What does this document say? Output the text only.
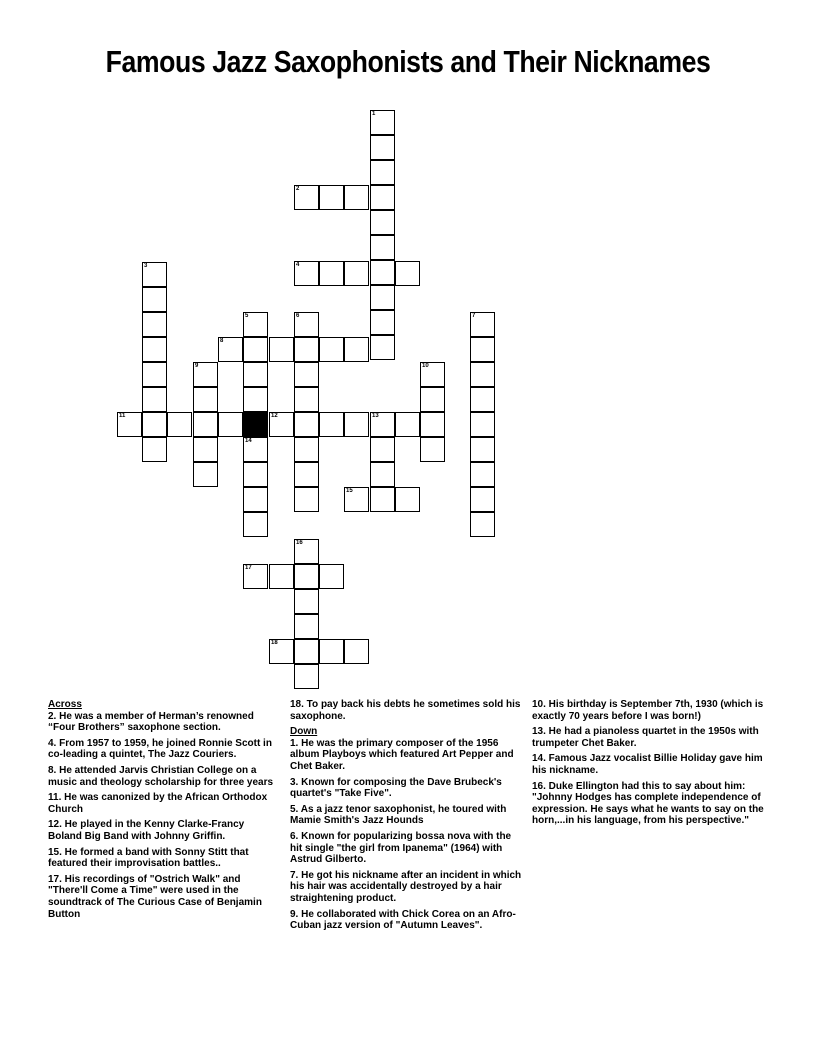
Famous Jazz Saxophonists and Their Nicknames
1
2
4
3
5	6	7
8
9	10
11	12	13
14
15
16
17
18
Across
2. He was a member of Herman’s renowned “Four Brothers” saxophone section.
4. From 1957 to 1959, he joined Ronnie Scott in co-leading a quintet, The Jazz Couriers.
8. He attended Jarvis Christian College on a music and theology scholarship for three years
11. He was canonized by the African Orthodox Church
12. He played in the Kenny Clarke-Francy Boland Big Band with Johnny Griffin.
15. He formed a band with Sonny Stitt that featured their improvisation battles..
17. His recordings of "Ostrich Walk" and "There'll Come a Time" were used in the soundtrack of The Curious Case of Benjamin Button
18. To pay back his debts he sometimes sold his saxophone.
Down
1. He was the primary composer of the 1956 album Playboys which featured Art Pepper and Chet Baker.
3. Known for composing the Dave Brubeck's quartet's "Take Five".
5. As a jazz tenor saxophonist, he toured with Mamie Smith's Jazz Hounds
6. Known for popularizing bossa nova with the hit single "the girl from Ipanema" (1964) with Astrud Gilberto.
7. He got his nickname after an incident in which his hair was accidentally destroyed by a hair straightening product.
9. He collaborated with Chick Corea on an Afro-Cuban jazz version of "Autumn Leaves".
10. His birthday is September 7th, 1930 (which is exactly 70 years before I was born!)
13. He had a pianoless quartet in the 1950s with trumpeter Chet Baker.
14. Famous Jazz vocalist Billie Holiday gave him his nickname.
16. Duke Ellington had this to say about him: "Johnny Hodges has complete independence of expression. He says what he wants to say on the horn,...in his language, from his perspective."
